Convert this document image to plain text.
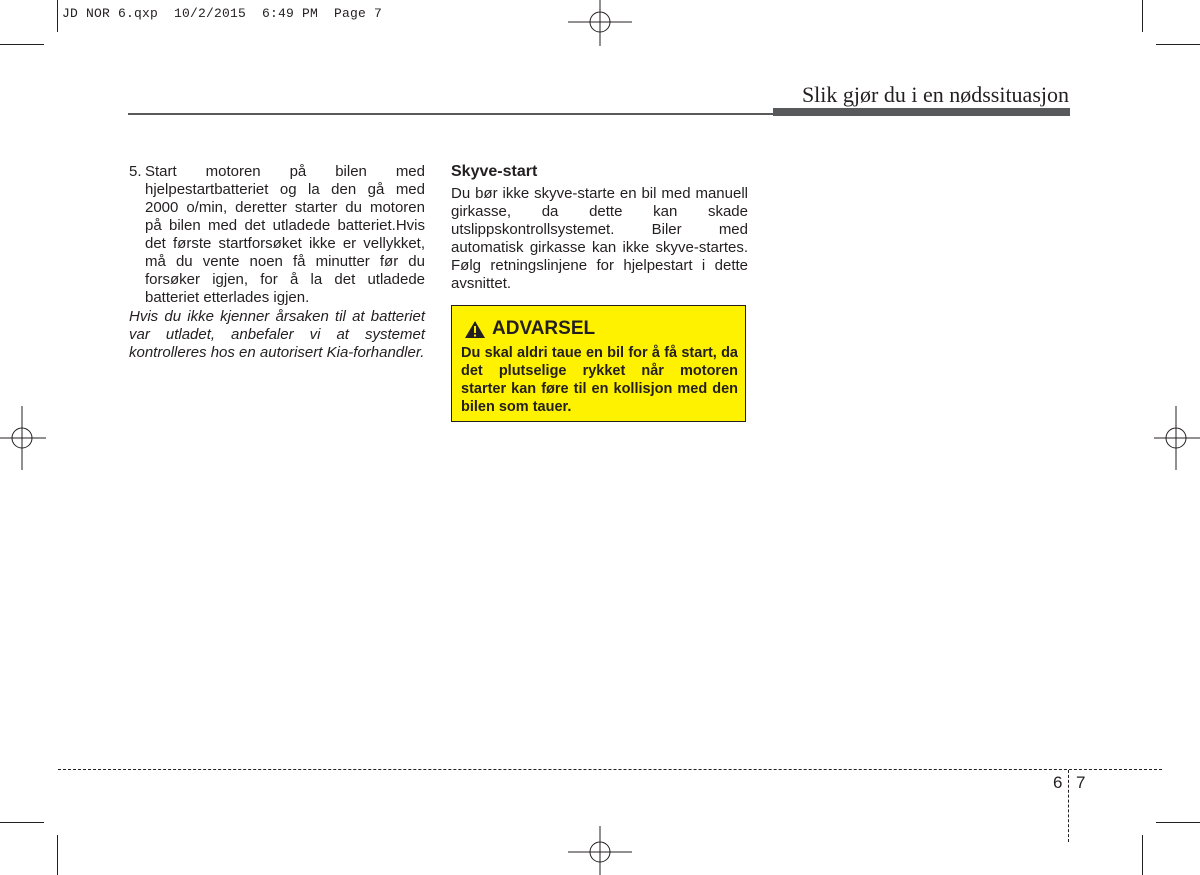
JD NOR 6.qxp  10/2/2015  6:49 PM  Page 7
Slik gjør du i en nødssituasjon
5. Start motoren på bilen med hjelpestartbatteriet og la den gå med 2000 o/min, deretter starter du motoren på bilen med det utladede batteriet.Hvis det første startforsøket ikke er vellykket, må du vente noen få minutter før du forsøker igjen, for å la det utladede batteriet etterlades igjen.
Hvis du ikke kjenner årsaken til at batteriet var utladet, anbefaler vi at systemet kontrolleres hos en autorisert Kia-forhandler.
Skyve-start
Du bør ikke skyve-starte en bil med manuell girkasse, da dette kan skade utslippskontrollsystemet. Biler med automatisk girkasse kan ikke skyve-startes. Følg retningslinjene for hjelpestart i dette avsnittet.
ADVARSEL
Du skal aldri taue en bil for å få start, da det plutselige rykket når motoren starter kan føre til en kollisjon med den bilen som tauer.
6 7
